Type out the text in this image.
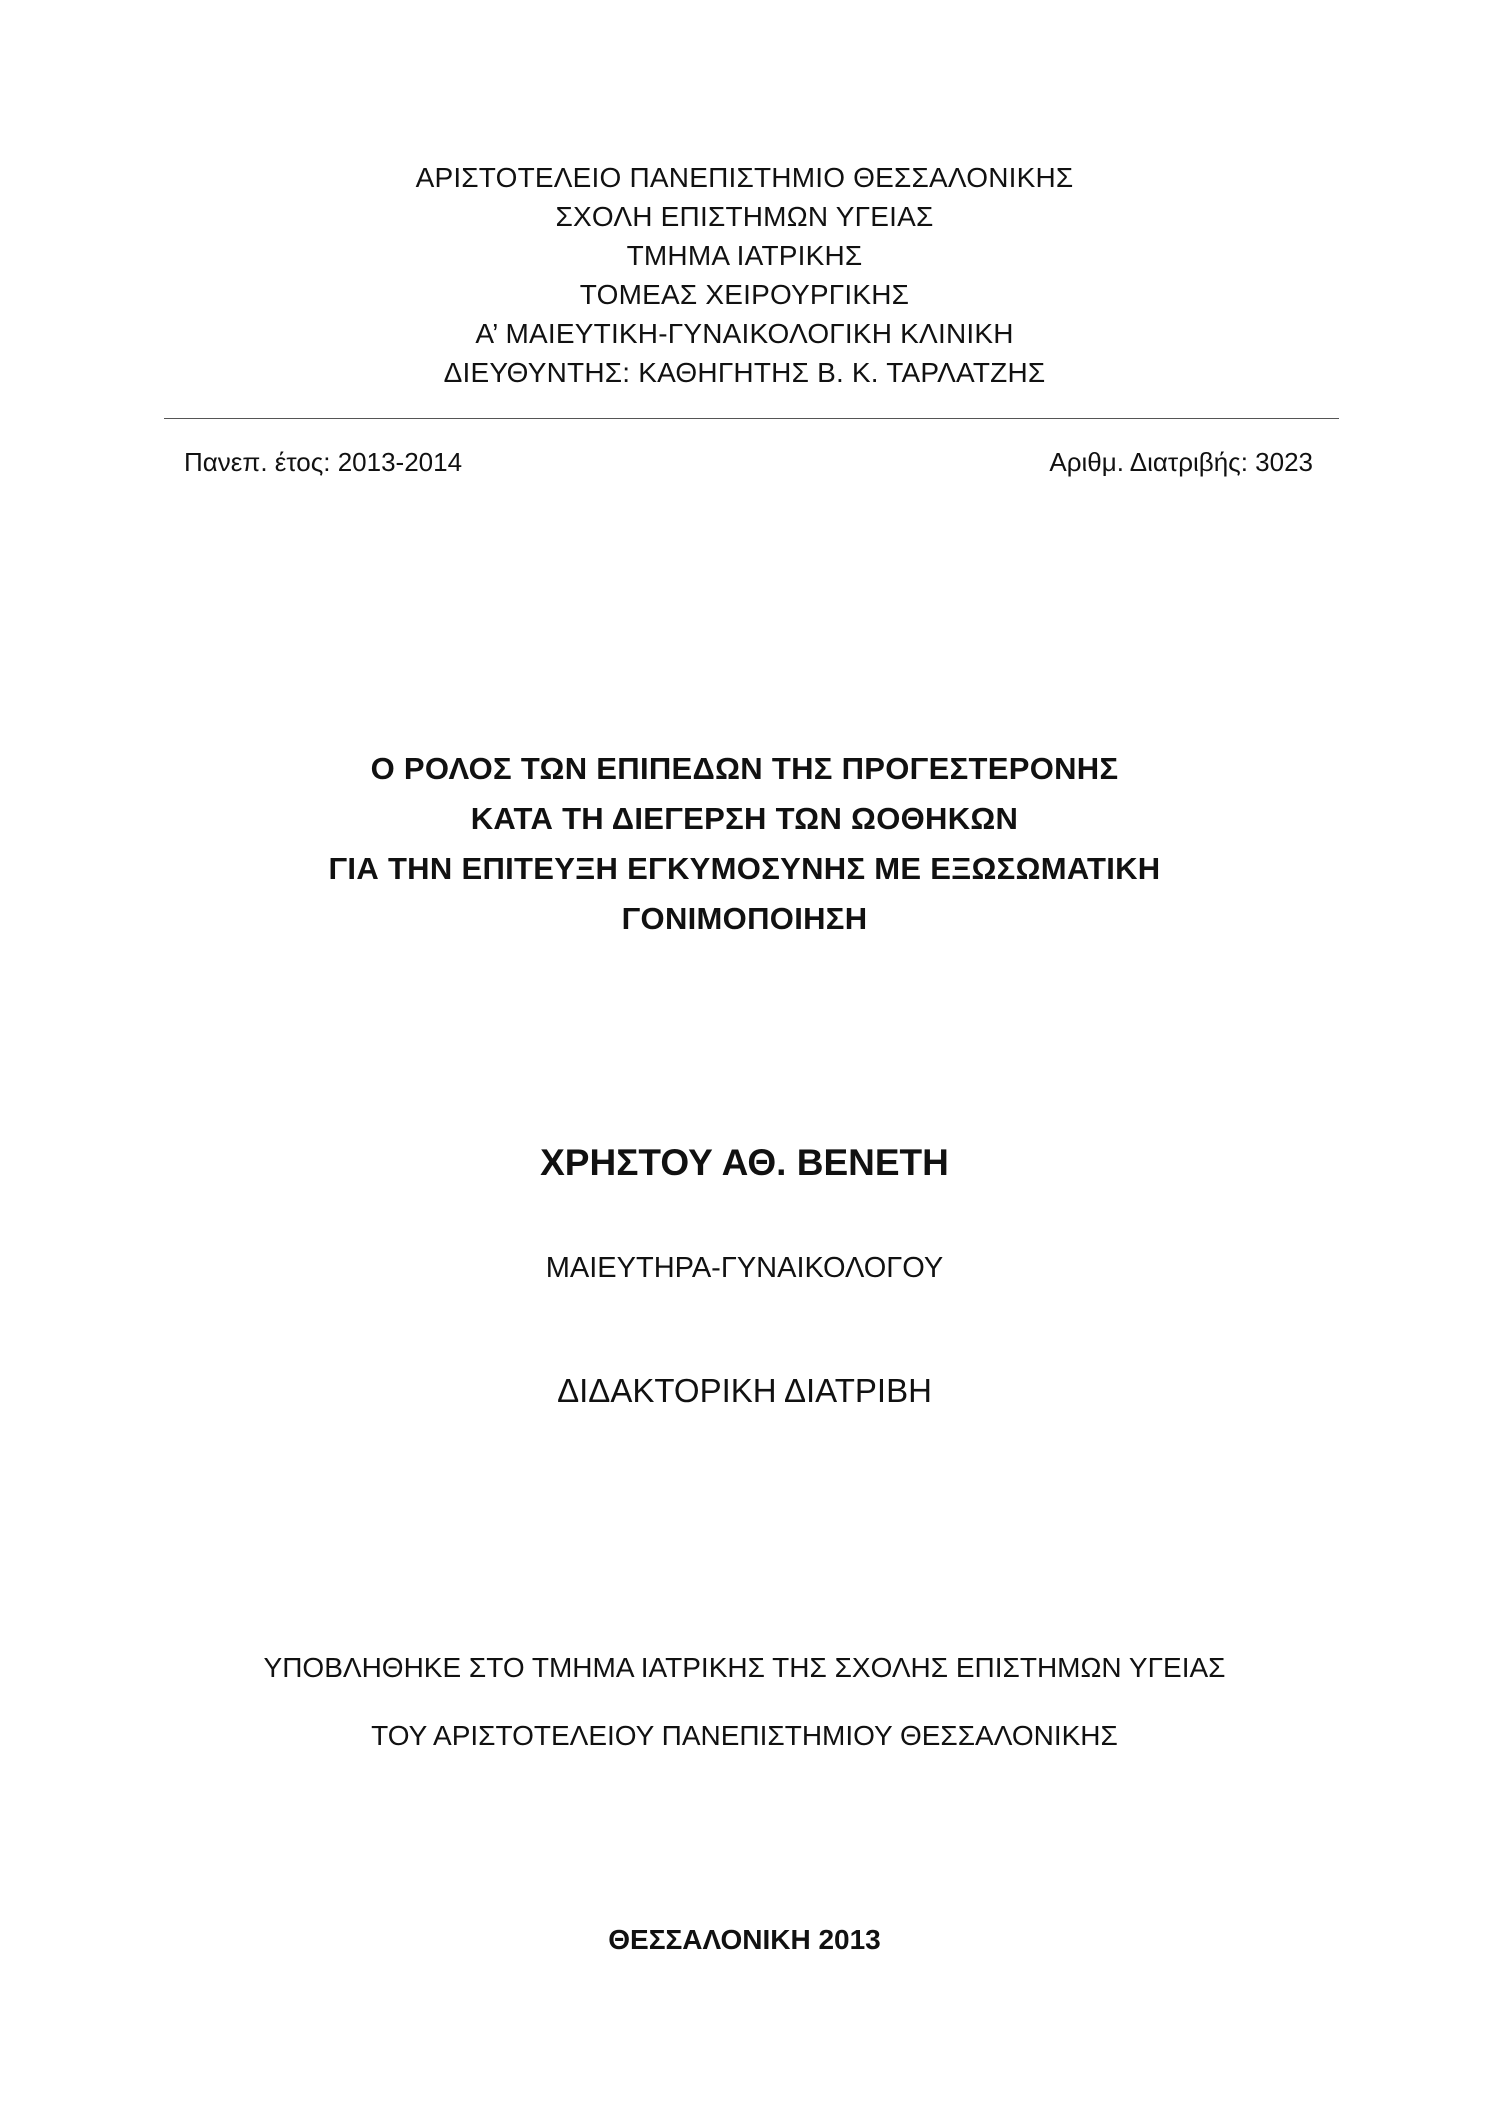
ΑΡΙΣΤΟΤΕΛΕΙΟ ΠΑΝΕΠΙΣΤΗΜΙΟ ΘΕΣΣΑΛΟΝΙΚΗΣ
ΣΧΟΛΗ ΕΠΙΣΤΗΜΩΝ ΥΓΕΙΑΣ
ΤΜΗΜΑ ΙΑΤΡΙΚΗΣ
ΤΟΜΕΑΣ ΧΕΙΡΟΥΡΓΙΚΗΣ
Α’ ΜΑΙΕΥΤΙΚΗ-ΓΥΝΑΙΚΟΛΟΓΙΚΗ ΚΛΙΝΙΚΗ
ΔΙΕΥΘΥΝΤΗΣ: ΚΑΘΗΓΗΤΗΣ Β. Κ. ΤΑΡΛΑΤΖΗΣ
Πανεπ. έτος: 2013-2014	Αριθμ. Διατριβής: 3023
Ο ΡΟΛΟΣ ΤΩΝ ΕΠΙΠΕΔΩΝ ΤΗΣ ΠΡΟΓΕΣΤΕΡΟΝΗΣ
ΚΑΤΑ ΤΗ ΔΙΕΓΕΡΣΗ ΤΩΝ ΩΟΘΗΚΩΝ
ΓΙΑ ΤΗΝ ΕΠΙΤΕΥΞΗ ΕΓΚΥΜΟΣΥΝΗΣ ΜΕ ΕΞΩΣΩΜΑΤΙΚΗ
ΓΟΝΙΜΟΠΟΙΗΣΗ
ΧΡΗΣΤΟΥ ΑΘ. ΒΕΝΕΤΗ
ΜΑΙΕΥΤΗΡΑ-ΓΥΝΑΙΚΟΛΟΓΟΥ
ΔΙΔΑΚΤΟΡΙΚΗ ΔΙΑΤΡΙΒΗ
ΥΠΟΒΛΗΘΗΚΕ ΣΤΟ ΤΜΗΜΑ ΙΑΤΡΙΚΗΣ ΤΗΣ ΣΧΟΛΗΣ ΕΠΙΣΤΗΜΩΝ ΥΓΕΙΑΣ
ΤΟΥ ΑΡΙΣΤΟΤΕΛΕΙΟΥ ΠΑΝΕΠΙΣΤΗΜΙΟΥ ΘΕΣΣΑΛΟΝΙΚΗΣ
ΘΕΣΣΑΛΟΝΙΚΗ 2013
